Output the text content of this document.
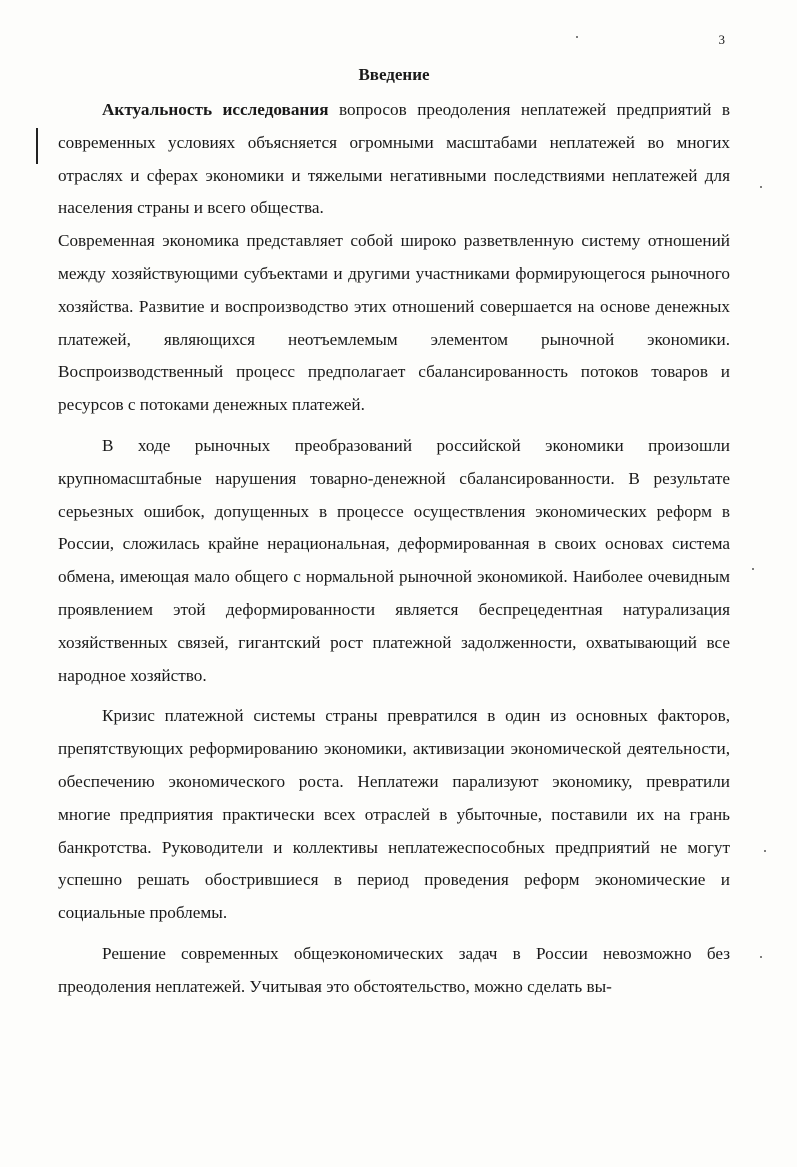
3
Введение

Актуальность исследования вопросов преодоления неплатежей предприятий в современных условиях объясняется огромными масштабами неплатежей во многих отраслях и сферах экономики и тяжелыми негативными последствиями неплатежей для населения страны и всего общества.

Современная экономика представляет собой широко разветвленную систему отношений между хозяйствующими субъектами и другими участниками формирующегося рыночного хозяйства. Развитие и воспроизводство этих отношений совершается на основе денежных платежей, являющихся неотъемлемым элементом рыночной экономики. Воспроизводственный процесс предполагает сбалансированность потоков товаров и ресурсов с потоками денежных платежей.

В ходе рыночных преобразований российской экономики произошли крупномасштабные нарушения товарно-денежной сбалансированности. В результате серьезных ошибок, допущенных в процессе осуществления экономических реформ в России, сложилась крайне нерациональная, деформированная в своих основах система обмена, имеющая мало общего с нормальной рыночной экономикой. Наиболее очевидным проявлением этой деформированности является беспрецедентная натурализация хозяйственных связей, гигантский рост платежной задолженности, охватывающий все народное хозяйство.

Кризис платежной системы страны превратился в один из основных факторов, препятствующих реформированию экономики, активизации экономической деятельности, обеспечению экономического роста. Неплатежи парализуют экономику, превратили многие предприятия практически всех отраслей в убыточные, поставили их на грань банкротства. Руководители и коллективы неплатежеспособных предприятий не могут успешно решать обострившиеся в период проведения реформ экономические и социальные проблемы.

Решение современных общеэкономических задач в России невозможно без преодоления неплатежей. Учитывая это обстоятельство, можно сделать вы-
